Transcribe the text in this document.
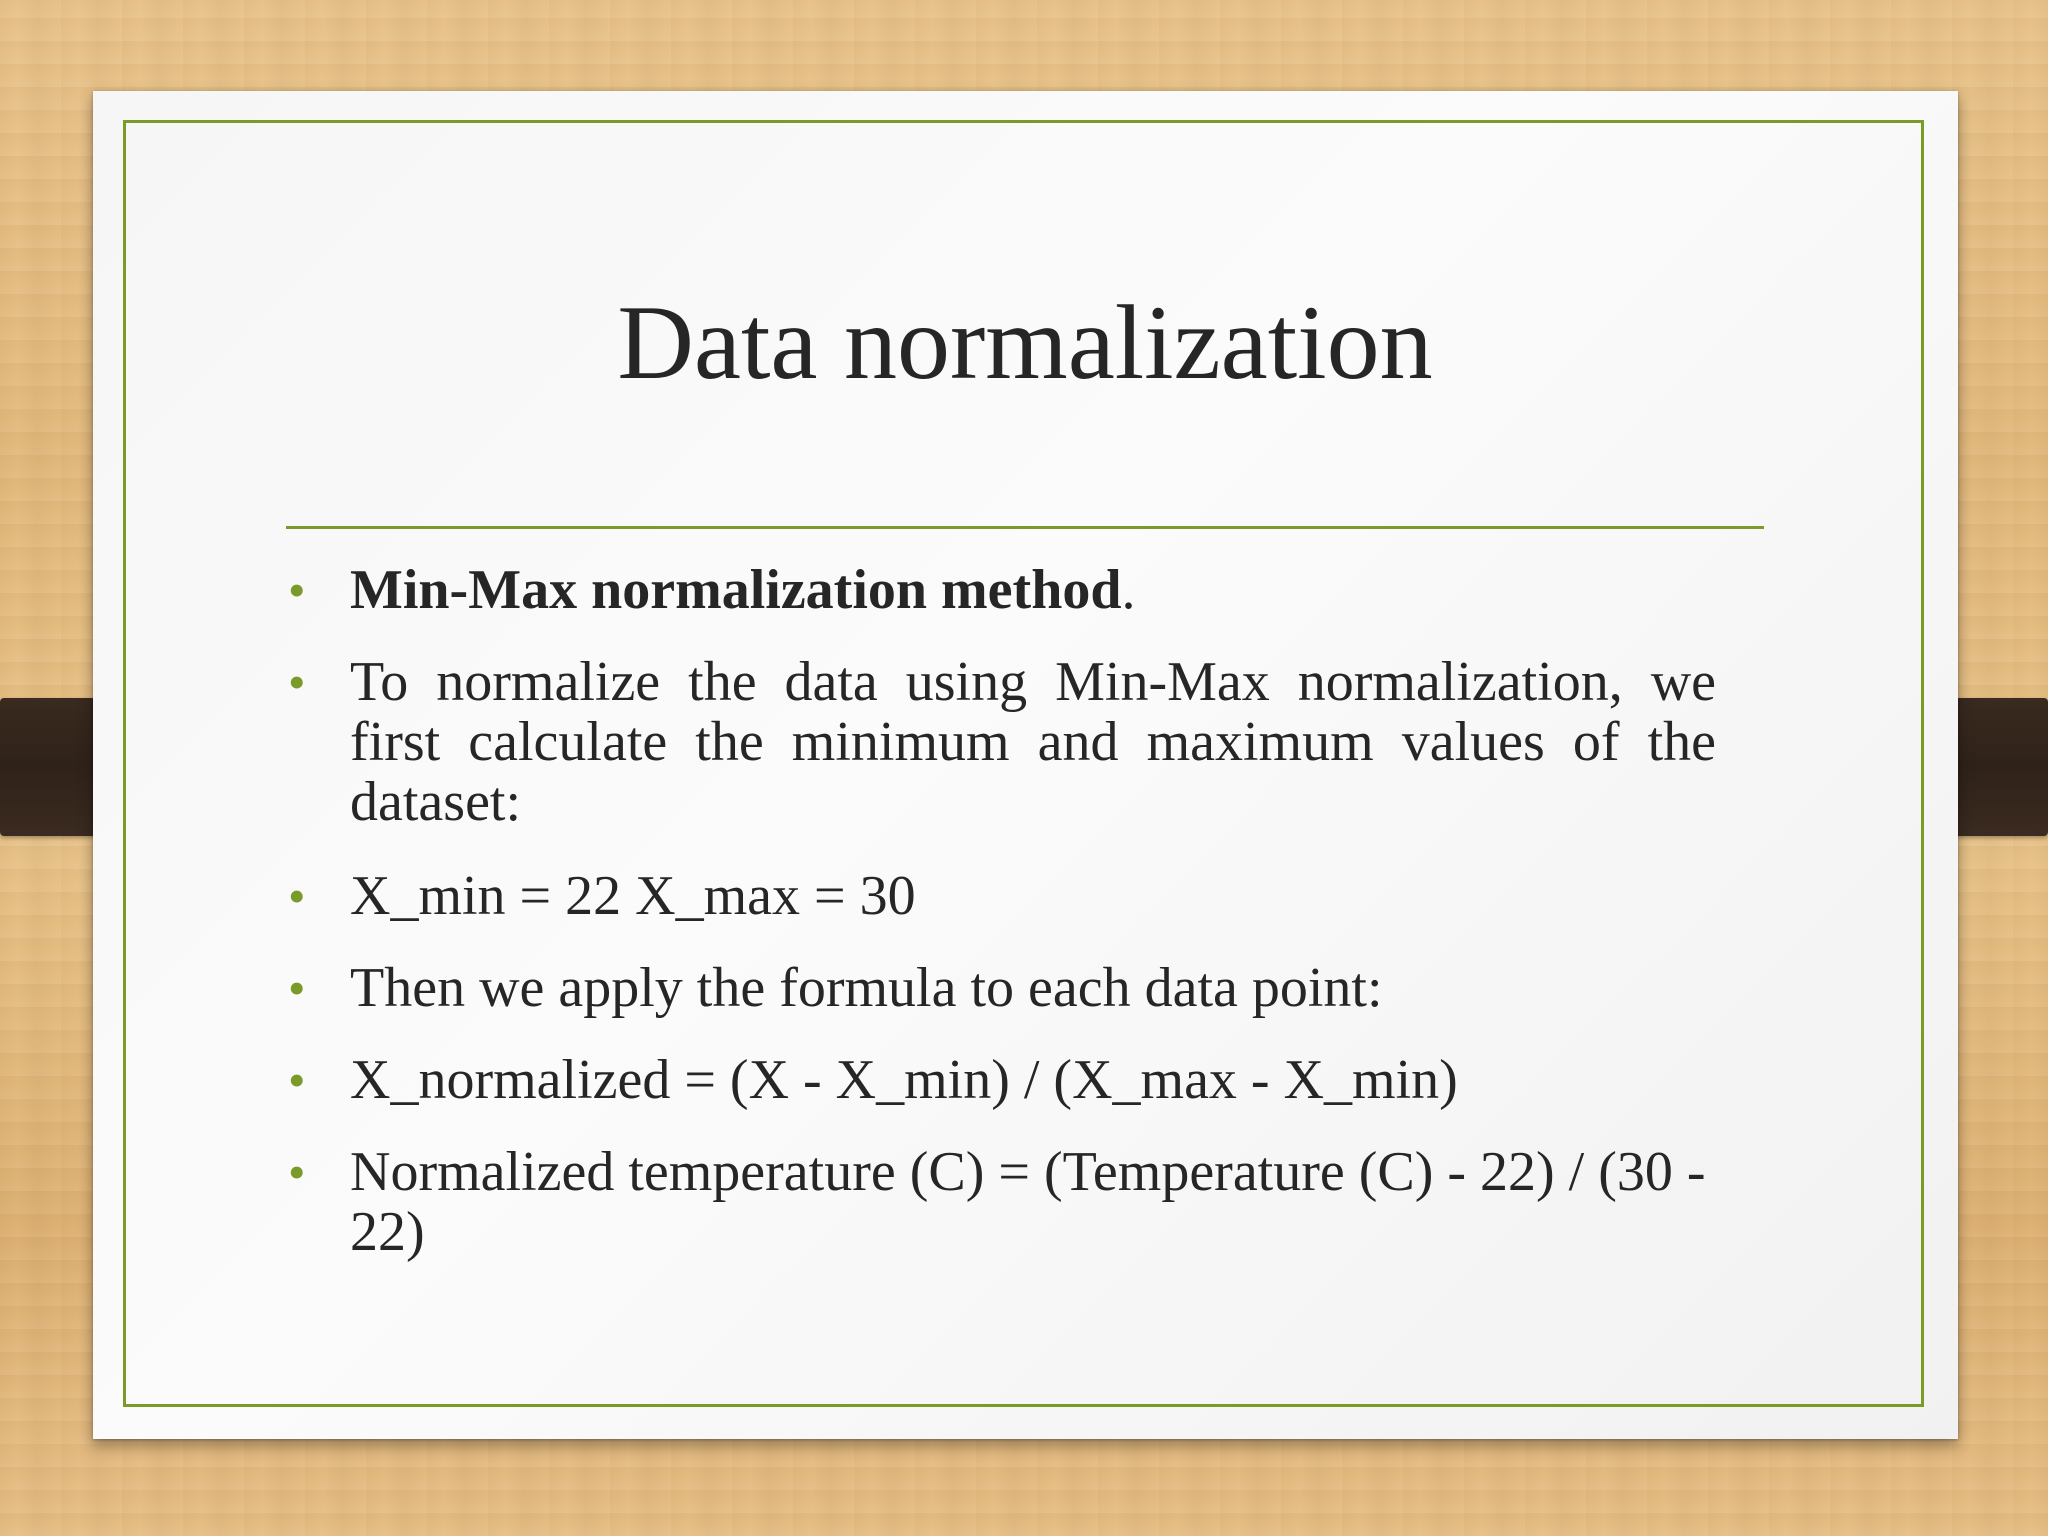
Data normalization
• Min-Max normalization method.
• To normalize the data using Min-Max normalization, we first calculate the minimum and maximum values of the dataset:
• X_min = 22 X_max = 30
• Then we apply the formula to each data point:
• X_normalized = (X - X_min) / (X_max - X_min)
• Normalized temperature (C) = (Temperature (C) - 22) / (30 - 22)
